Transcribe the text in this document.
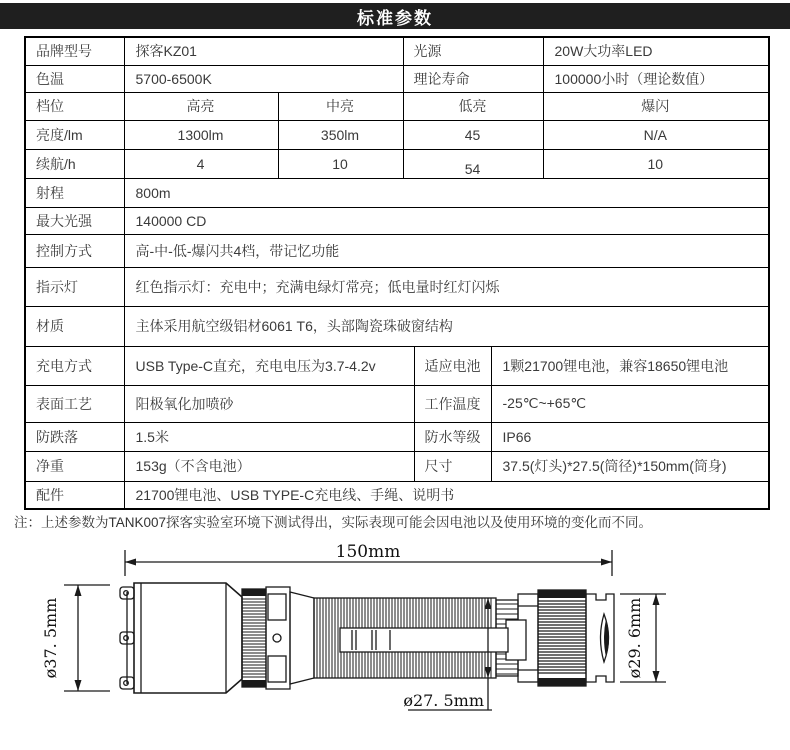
标准参数
品牌型号	探客KZ01		光源			20W大功率LED
色温	5700-6500K		理论寿命			100000小时（理论数值）
档位	高亮	中亮	低亮			爆闪
亮度/lm	1300lm	350lm	45			N/A
续航/h	4	10	54			10
射程	800m					
最大光强	140000 CD					
控制方式	高-中-低-爆闪共4档，带记忆功能					
指示灯	红色指示灯：充电中；充满电绿灯常亮；低电量时红灯闪烁					
材质	主体采用航空级铝材6061 T6，头部陶瓷珠破窗结构					
充电方式	USB Type-C直充，充电电压为3.7-4.2v			适应电池	1颗21700锂电池，兼容18650锂电池	
表面工艺	阳极氧化加喷砂			工作温度	-25℃~+65℃	
防跌落	1.5米			防水等级	IP66	
净重	153g（不含电池）			尺寸	37.5(灯头)*27.5(筒径)*150mm(筒身)	
配件	21700锂电池、USB TYPE-C充电线、手绳、说明书					
注：上述参数为TANK007探客实验室环境下测试得出，实际表现可能会因电池以及使用环境的变化而不同。
150mm
ø37. 5mm
ø27. 5mm
ø29. 6mm
